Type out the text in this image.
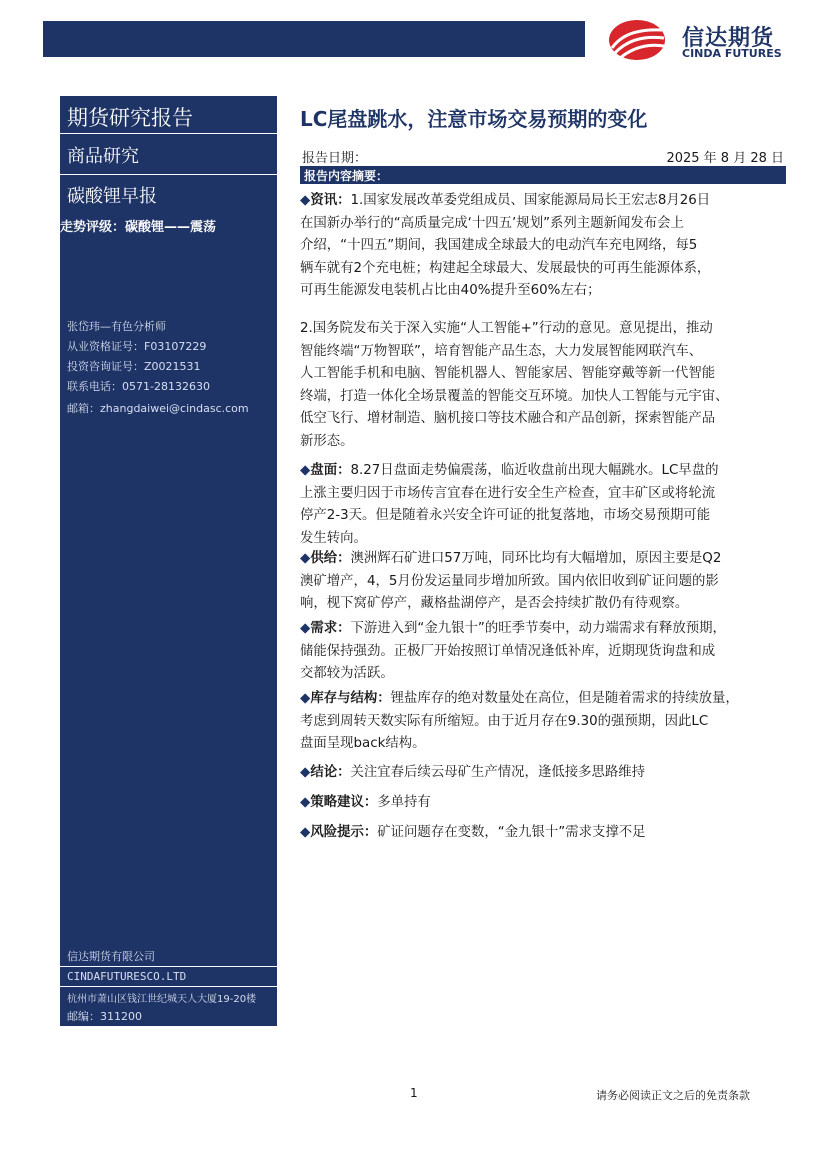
信达期货
CINDA FUTURES
期货研究报告
商品研究
碳酸锂早报
走势评级：碳酸锂——震荡
张岱玮—有色分析师
从业资格证号：F03107229
投资咨询证号：Z0021531
联系电话：0571-28132630
邮箱：zhangdaiwei@cindasc.com
信达期货有限公司
CINDAFUTURESCO.LTD
杭州市萧山区钱江世纪城天人大厦19-20楼
邮编：311200
LC尾盘跳水，注意市场交易预期的变化
报告日期：	2025 年 8 月 28 日
报告内容摘要：
◆资讯：1.国家发展改革委党组成员、国家能源局局长王宏志8月26日
在国新办举行的“高质量完成‘十四五’规划”系列主题新闻发布会上
介绍，“十四五”期间，我国建成全球最大的电动汽车充电网络，每5
辆车就有2个充电桩；构建起全球最大、发展最快的可再生能源体系，
可再生能源发电装机占比由40%提升至60%左右；
2.国务院发布关于深入实施“人工智能+”行动的意见。意见提出，推动
智能终端“万物智联”，培育智能产品生态，大力发展智能网联汽车、
人工智能手机和电脑、智能机器人、智能家居、智能穿戴等新一代智能
终端，打造一体化全场景覆盖的智能交互环境。加快人工智能与元宇宙、
低空飞行、增材制造、脑机接口等技术融合和产品创新，探索智能产品
新形态。
◆盘面：8.27日盘面走势偏震荡，临近收盘前出现大幅跳水。LC早盘的
上涨主要归因于市场传言宜春在进行安全生产检查，宜丰矿区或将轮流
停产2-3天。但是随着永兴安全许可证的批复落地，市场交易预期可能
发生转向。
◆供给：澳洲辉石矿进口57万吨，同环比均有大幅增加，原因主要是Q2
澳矿增产，4，5月份发运量同步增加所致。国内依旧收到矿证问题的影
响，枧下窝矿停产，藏格盐湖停产，是否会持续扩散仍有待观察。
◆需求：下游进入到“金九银十”的旺季节奏中，动力端需求有释放预期，
储能保持强劲。正极厂开始按照订单情况逢低补库，近期现货询盘和成
交都较为活跃。
◆库存与结构：锂盐库存的绝对数量处在高位，但是随着需求的持续放量，
考虑到周转天数实际有所缩短。由于近月存在9.30的强预期，因此LC
盘面呈现back结构。
◆结论：关注宜春后续云母矿生产情况，逢低接多思路维持
◆策略建议：多单持有
◆风险提示：矿证问题存在变数，“金九银十”需求支撑不足
1	请务必阅读正文之后的免责条款
